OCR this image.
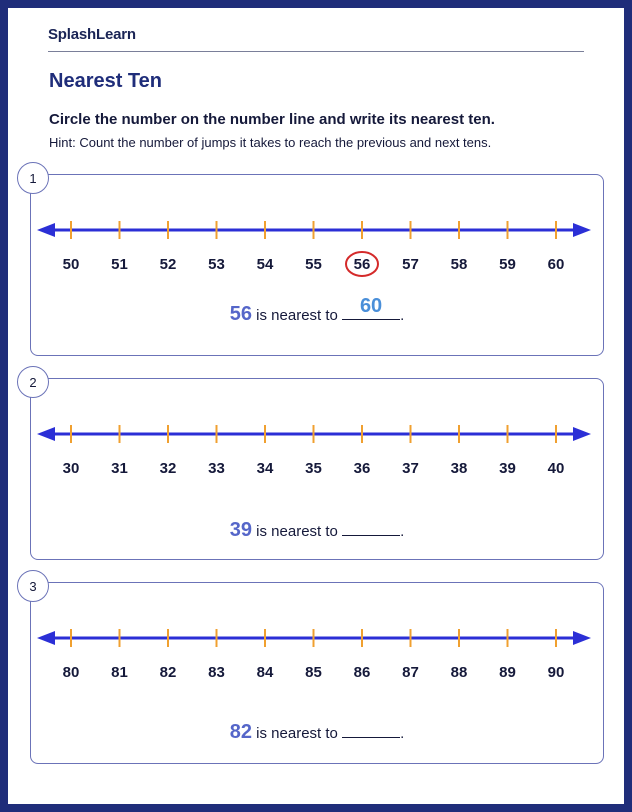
SplashLearn
Nearest Ten
Circle the number on the number line and write its nearest ten.
Hint: Count the number of jumps it takes to reach the previous and next tens.
1
50 51 52 53 54 55 56 57 58 59 60
56 is nearest to	60	.
2
30 31 32 33 34 35 36 37 38 39 40
39 is nearest to	.
3
80 81 82 83 84 85 86 87 88 89 90
82 is nearest to	.
